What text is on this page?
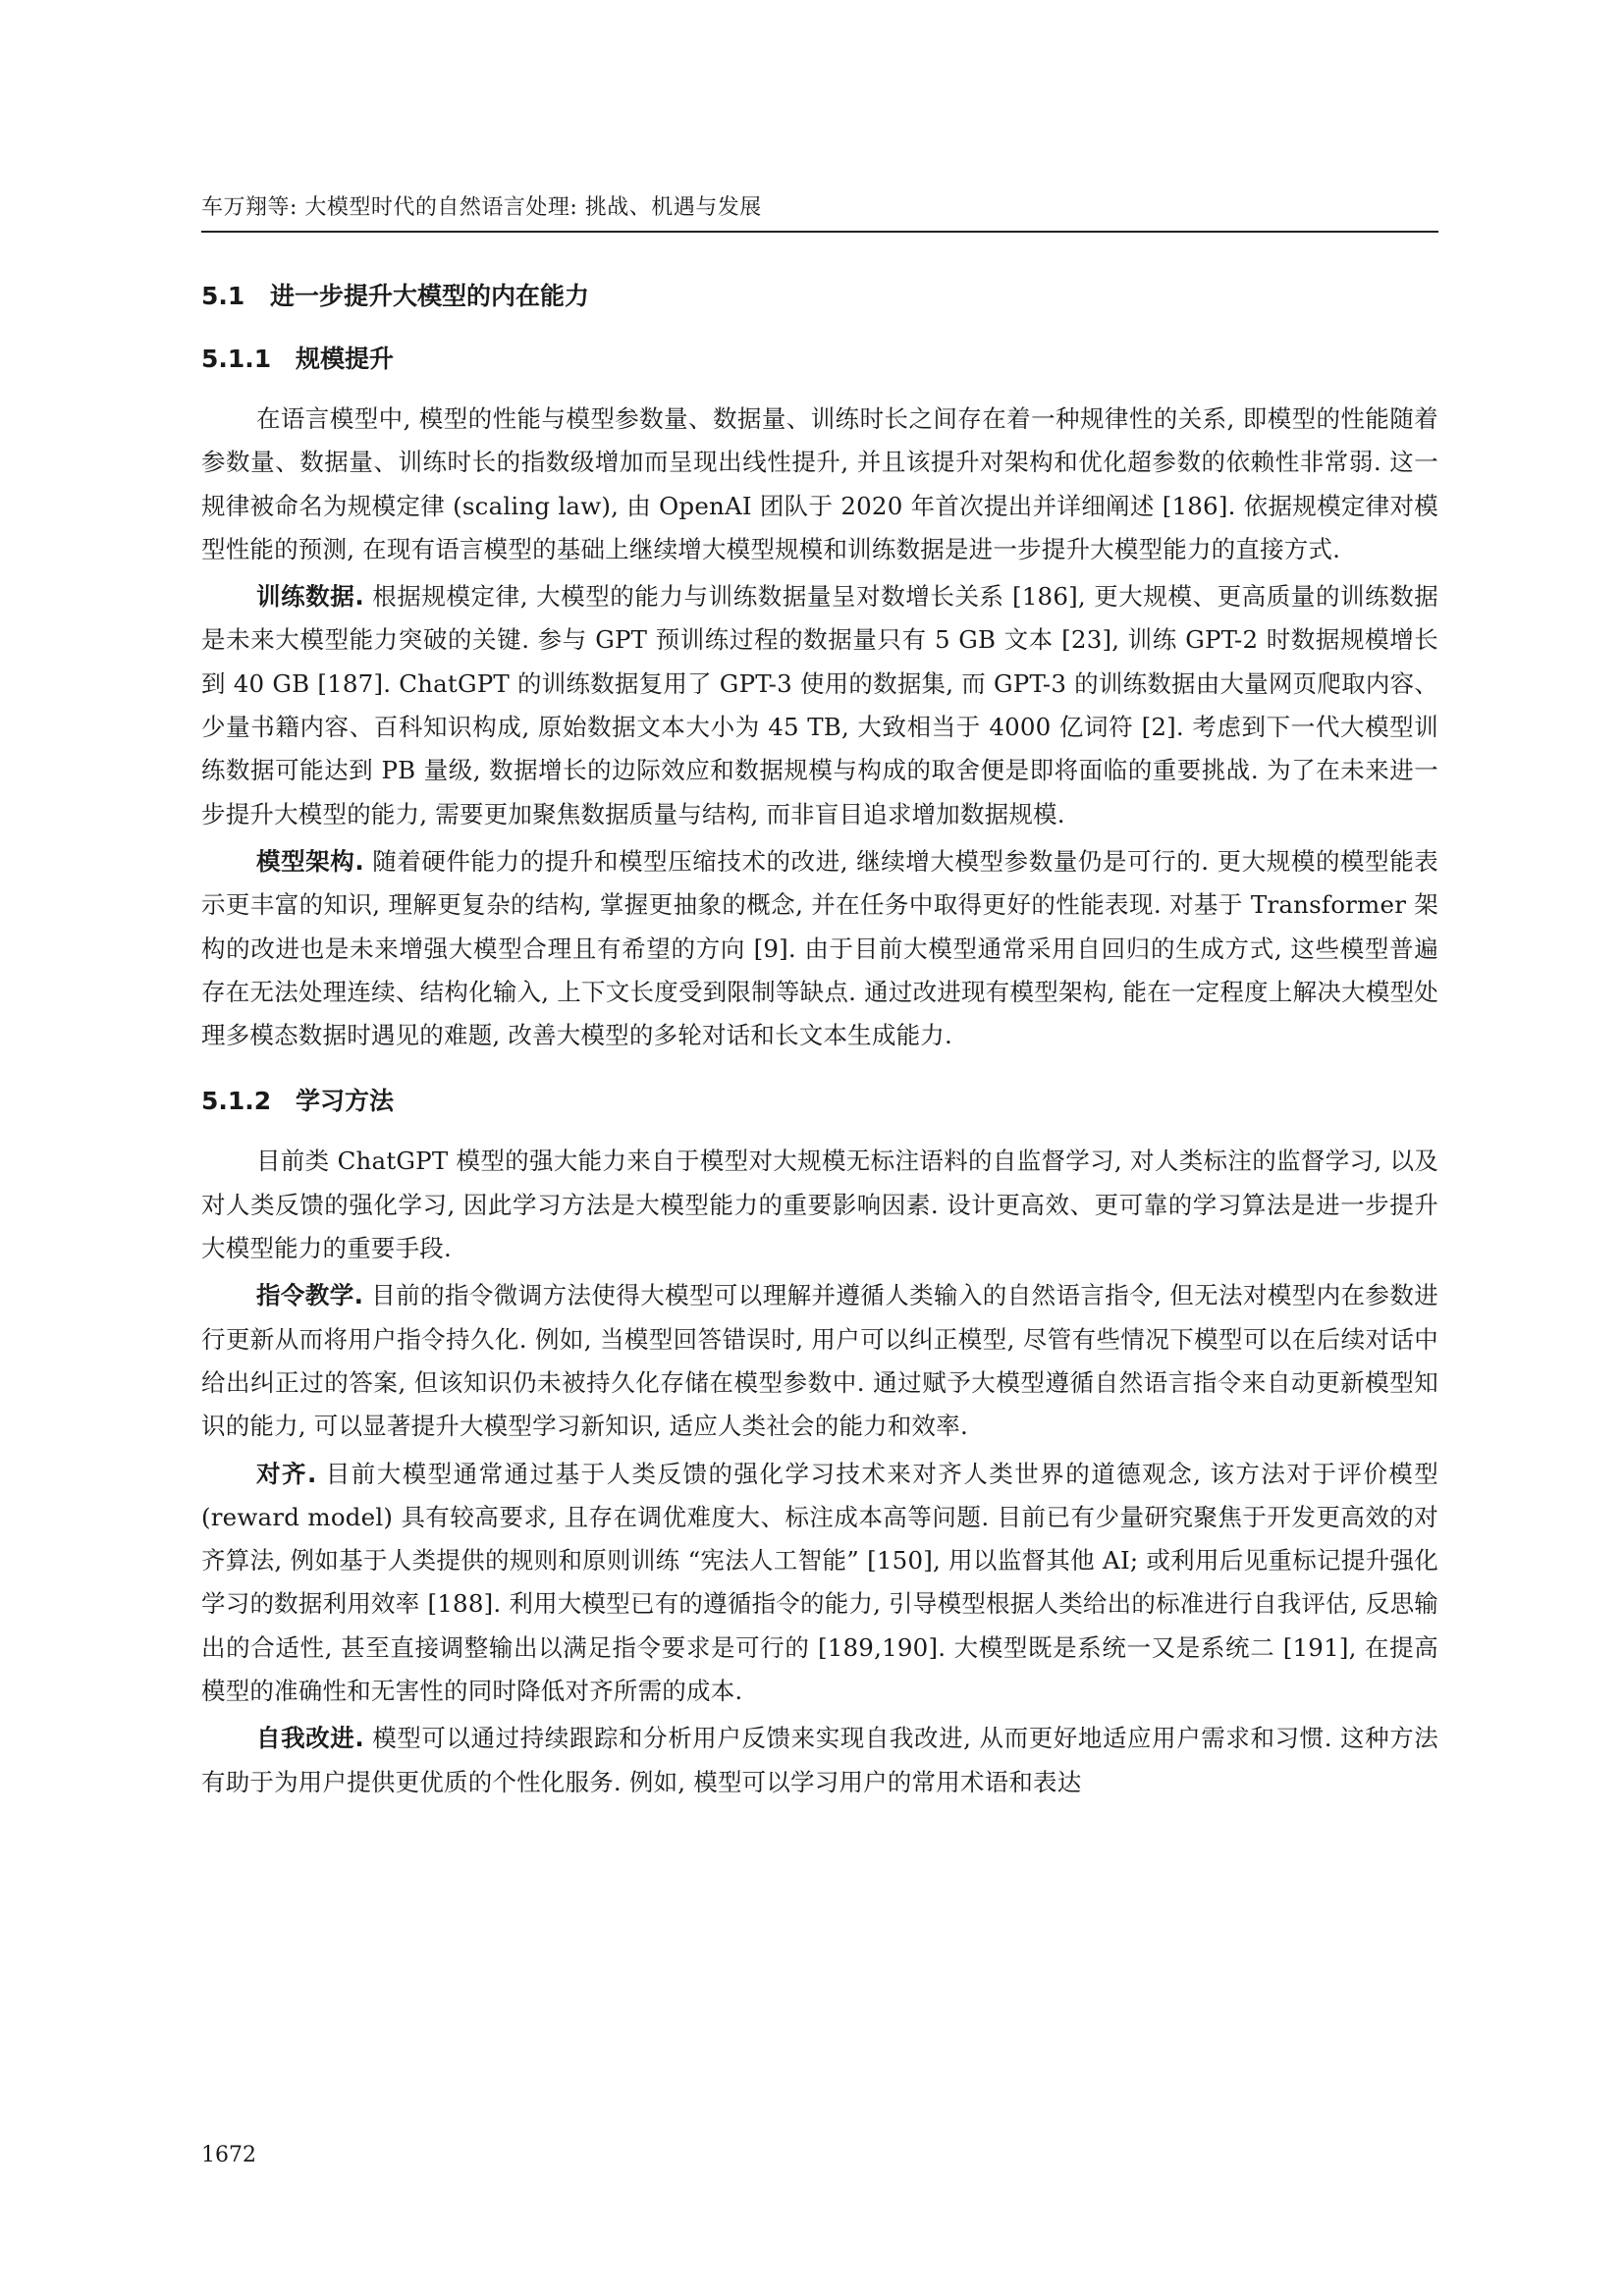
车万翔等: 大模型时代的自然语言处理: 挑战、机遇与发展
5.1 进一步提升大模型的内在能力
5.1.1 规模提升

在语言模型中, 模型的性能与模型参数量、数据量、训练时长之间存在着一种规律性的关系, 即模型的性能随着参数量、数据量、训练时长的指数级增加而呈现出线性提升, 并且该提升对架构和优化超参数的依赖性非常弱. 这一规律被命名为规模定律 (scaling law), 由 OpenAI 团队于 2020 年首次提出并详细阐述 [186]. 依据规模定律对模型性能的预测, 在现有语言模型的基础上继续增大模型规模和训练数据是进一步提升大模型能力的直接方式.

训练数据. 根据规模定律, 大模型的能力与训练数据量呈对数增长关系 [186], 更大规模、更高质量的训练数据是未来大模型能力突破的关键. 参与 GPT 预训练过程的数据量只有 5 GB 文本 [23], 训练 GPT-2 时数据规模增长到 40 GB [187]. ChatGPT 的训练数据复用了 GPT-3 使用的数据集, 而 GPT-3 的训练数据由大量网页爬取内容、少量书籍内容、百科知识构成, 原始数据文本大小为 45 TB, 大致相当于 4000 亿词符 [2]. 考虑到下一代大模型训练数据可能达到 PB 量级, 数据增长的边际效应和数据规模与构成的取舍便是即将面临的重要挑战. 为了在未来进一步提升大模型的能力, 需要更加聚焦数据质量与结构, 而非盲目追求增加数据规模.

模型架构. 随着硬件能力的提升和模型压缩技术的改进, 继续增大模型参数量仍是可行的. 更大规模的模型能表示更丰富的知识, 理解更复杂的结构, 掌握更抽象的概念, 并在任务中取得更好的性能表现. 对基于 Transformer 架构的改进也是未来增强大模型合理且有希望的方向 [9]. 由于目前大模型通常采用自回归的生成方式, 这些模型普遍存在无法处理连续、结构化输入, 上下文长度受到限制等缺点. 通过改进现有模型架构, 能在一定程度上解决大模型处理多模态数据时遇见的难题, 改善大模型的多轮对话和长文本生成能力.

5.1.2 学习方法

目前类 ChatGPT 模型的强大能力来自于模型对大规模无标注语料的自监督学习, 对人类标注的监督学习, 以及对人类反馈的强化学习, 因此学习方法是大模型能力的重要影响因素. 设计更高效、更可靠的学习算法是进一步提升大模型能力的重要手段.

指令教学. 目前的指令微调方法使得大模型可以理解并遵循人类输入的自然语言指令, 但无法对模型内在参数进行更新从而将用户指令持久化. 例如, 当模型回答错误时, 用户可以纠正模型, 尽管有些情况下模型可以在后续对话中给出纠正过的答案, 但该知识仍未被持久化存储在模型参数中. 通过赋予大模型遵循自然语言指令来自动更新模型知识的能力, 可以显著提升大模型学习新知识, 适应人类社会的能力和效率.

对齐. 目前大模型通常通过基于人类反馈的强化学习技术来对齐人类世界的道德观念, 该方法对于评价模型 (reward model) 具有较高要求, 且存在调优难度大、标注成本高等问题. 目前已有少量研究聚焦于开发更高效的对齐算法, 例如基于人类提供的规则和原则训练 “宪法人工智能” [150], 用以监督其他 AI; 或利用后见重标记提升强化学习的数据利用效率 [188]. 利用大模型已有的遵循指令的能力, 引导模型根据人类给出的标准进行自我评估, 反思输出的合适性, 甚至直接调整输出以满足指令要求是可行的 [189,190]. 大模型既是系统一又是系统二 [191], 在提高模型的准确性和无害性的同时降低对齐所需的成本.

自我改进. 模型可以通过持续跟踪和分析用户反馈来实现自我改进, 从而更好地适应用户需求和习惯. 这种方法有助于为用户提供更优质的个性化服务. 例如, 模型可以学习用户的常用术语和表达

1672
